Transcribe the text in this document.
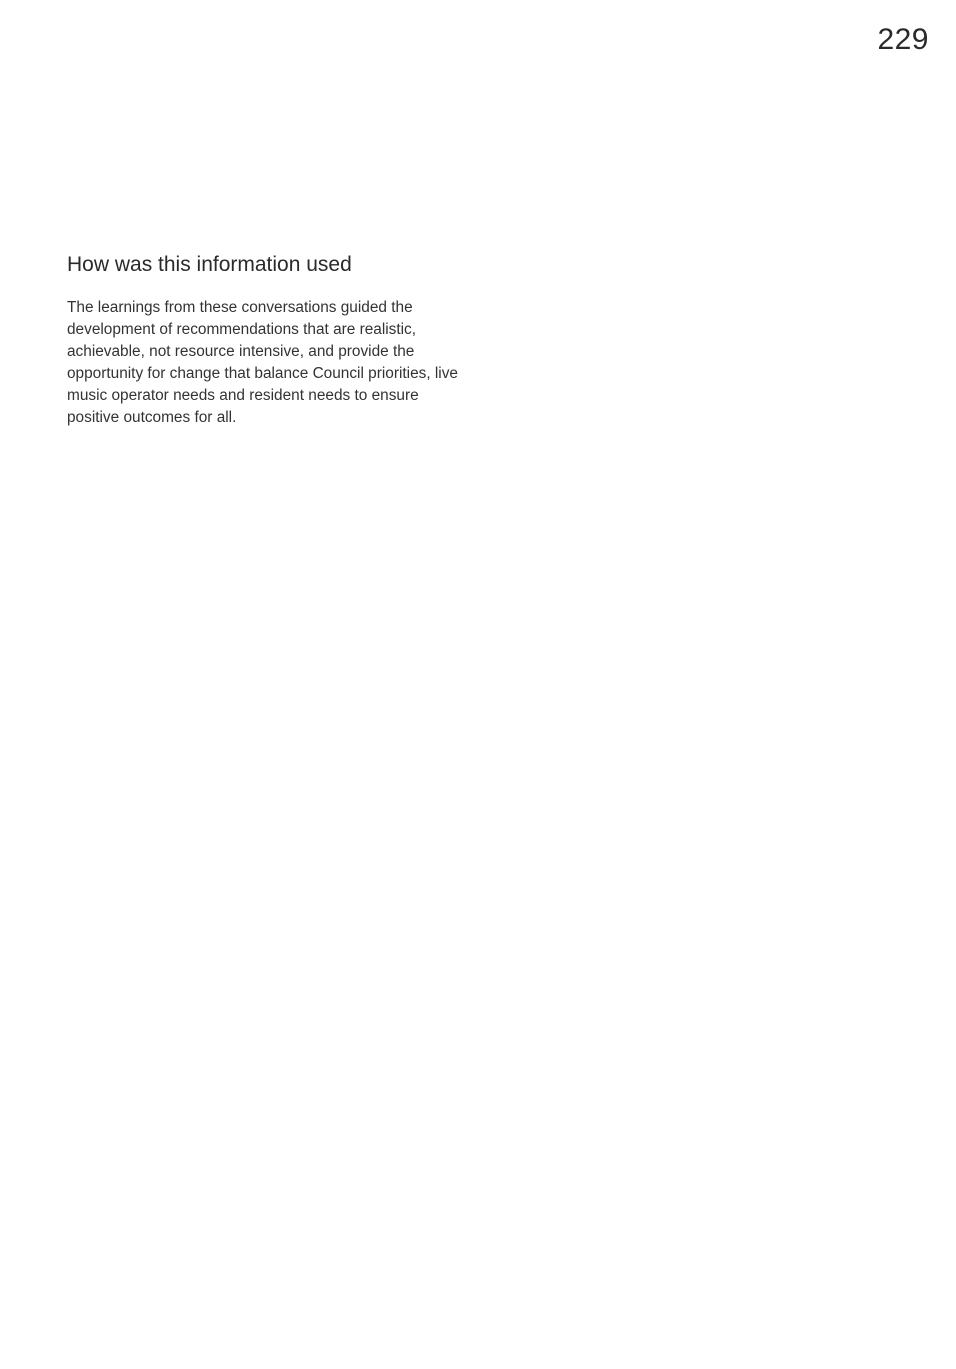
229
How was this information used

The learnings from these conversations guided the development of recommendations that are realistic, achievable, not resource intensive, and provide the opportunity for change that balance Council priorities, live music operator needs and resident needs to ensure positive outcomes for all.
